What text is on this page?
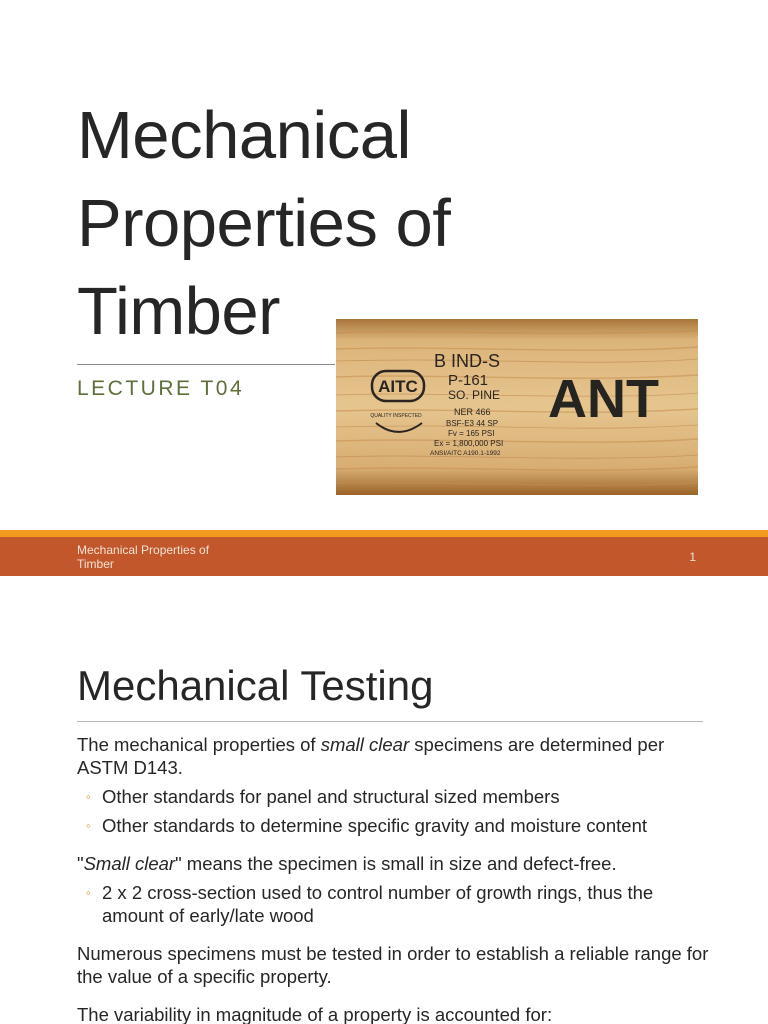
Mechanical
Properties of
Timber
LECTURE T04	AITC
QUALITY INSPECTED
B IND-S
P-161
SO. PINE
NER 466
BSF-E3 44 SP
Fv = 165 PSI
Ex = 1,800,000 PSI
ANSI/AITC A190.1-1992
ANT
Mechanical Properties of Timber	1
Mechanical Testing

The mechanical properties of small clear specimens are determined per ASTM D143.

◦ Other standards for panel and structural sized members
◦ Other standards to determine specific gravity and moisture content

"Small clear" means the specimen is small in size and defect-free.

◦ 2 x 2 cross-section used to control number of growth rings, thus the amount of early/late wood

Numerous specimens must be tested in order to establish a reliable range for the value of a specific property.

The variability in magnitude of a property is accounted for:
